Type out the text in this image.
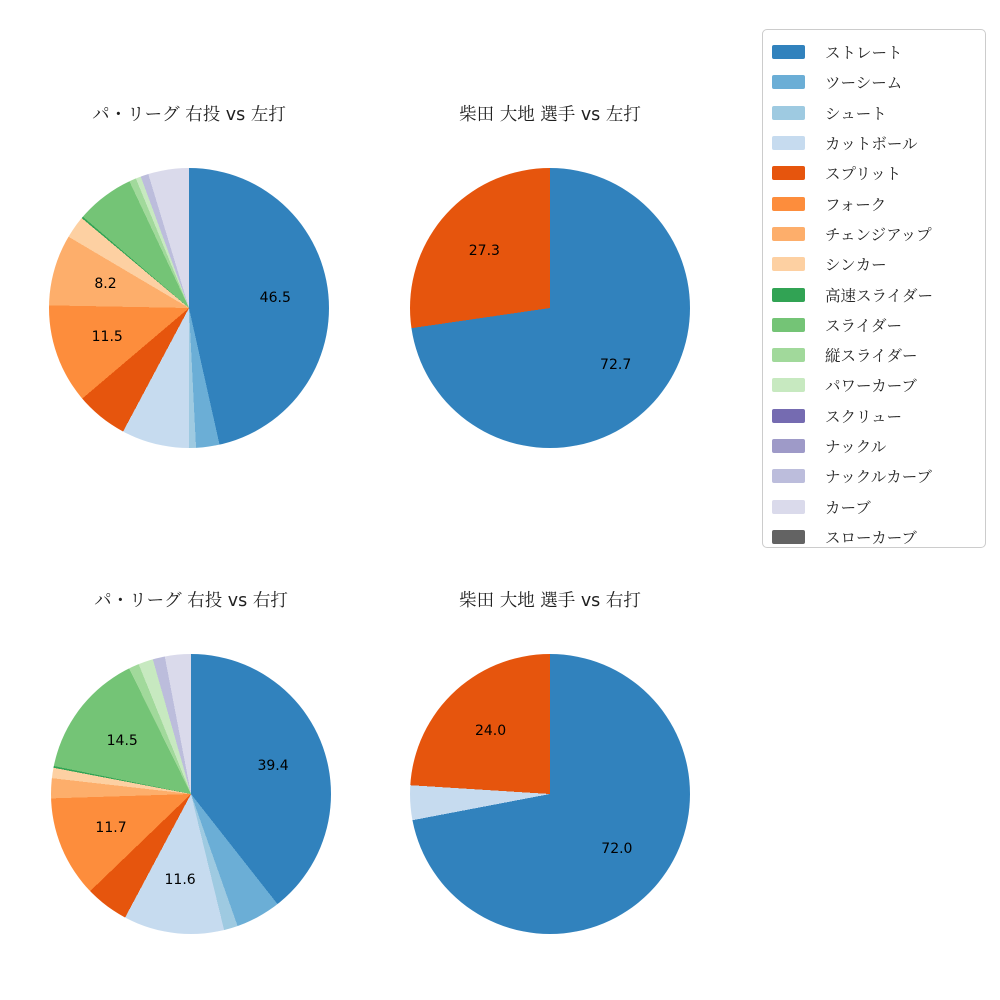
パ・リーグ 右投 vs 左打
46.5
11.5
8.2
柴田 大地 選手 vs 左打
72.7
27.3
パ・リーグ 右投 vs 右打
39.4
11.6
11.7
14.5
柴田 大地 選手 vs 右打
72.0
24.0
ストレート
ツーシーム
シュート
カットボール
スプリット
フォーク
チェンジアップ
シンカー
高速スライダー
スライダー
縦スライダー
パワーカーブ
スクリュー
ナックル
ナックルカーブ
カーブ
スローカーブ
